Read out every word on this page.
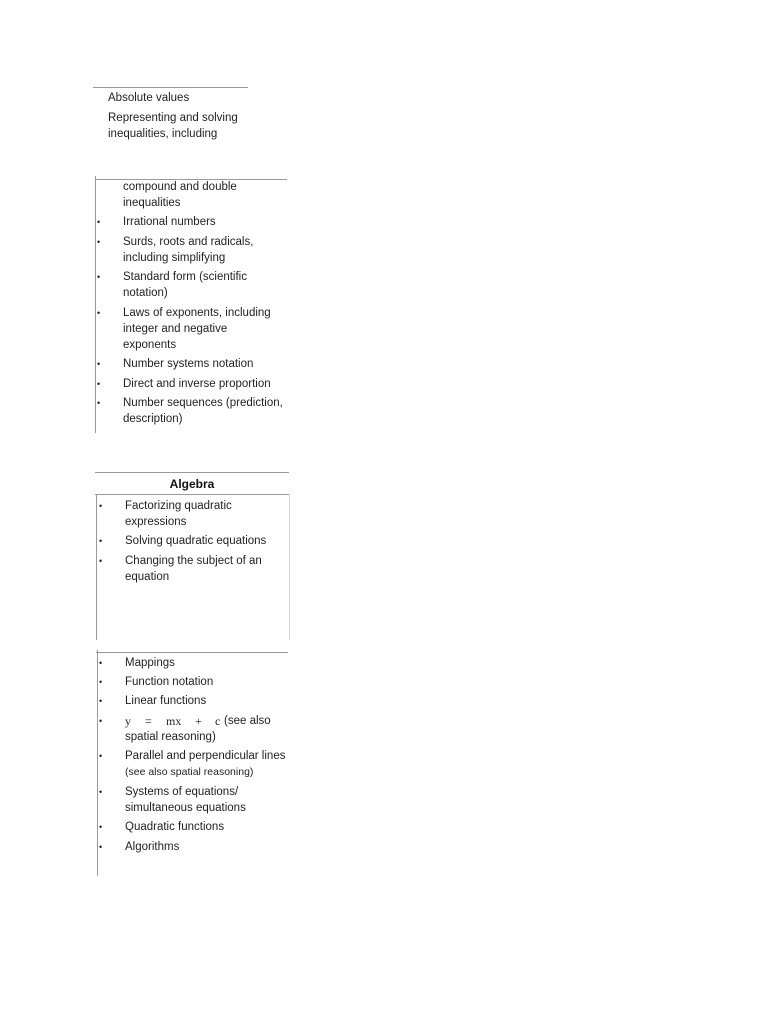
Absolute values
Representing and solving
inequalities, including
compound and double
inequalities
• Irrational numbers
• Surds, roots and radicals,
including simplifying
• Standard form (scientific
notation)
• Laws of exponents, including
integer and negative
exponents
• Number systems notation
• Direct and inverse proportion
• Number sequences (prediction,
description)
Algebra
• Factorizing quadratic
expressions
• Solving quadratic equations
• Changing the subject of an
equation
• Mappings
• Function notation
• Linear functions
• y = mx + c (see also
spatial reasoning)
• Parallel and perpendicular lines
(see also spatial reasoning)
• Systems of equations/
simultaneous equations
• Quadratic functions
• Algorithms
